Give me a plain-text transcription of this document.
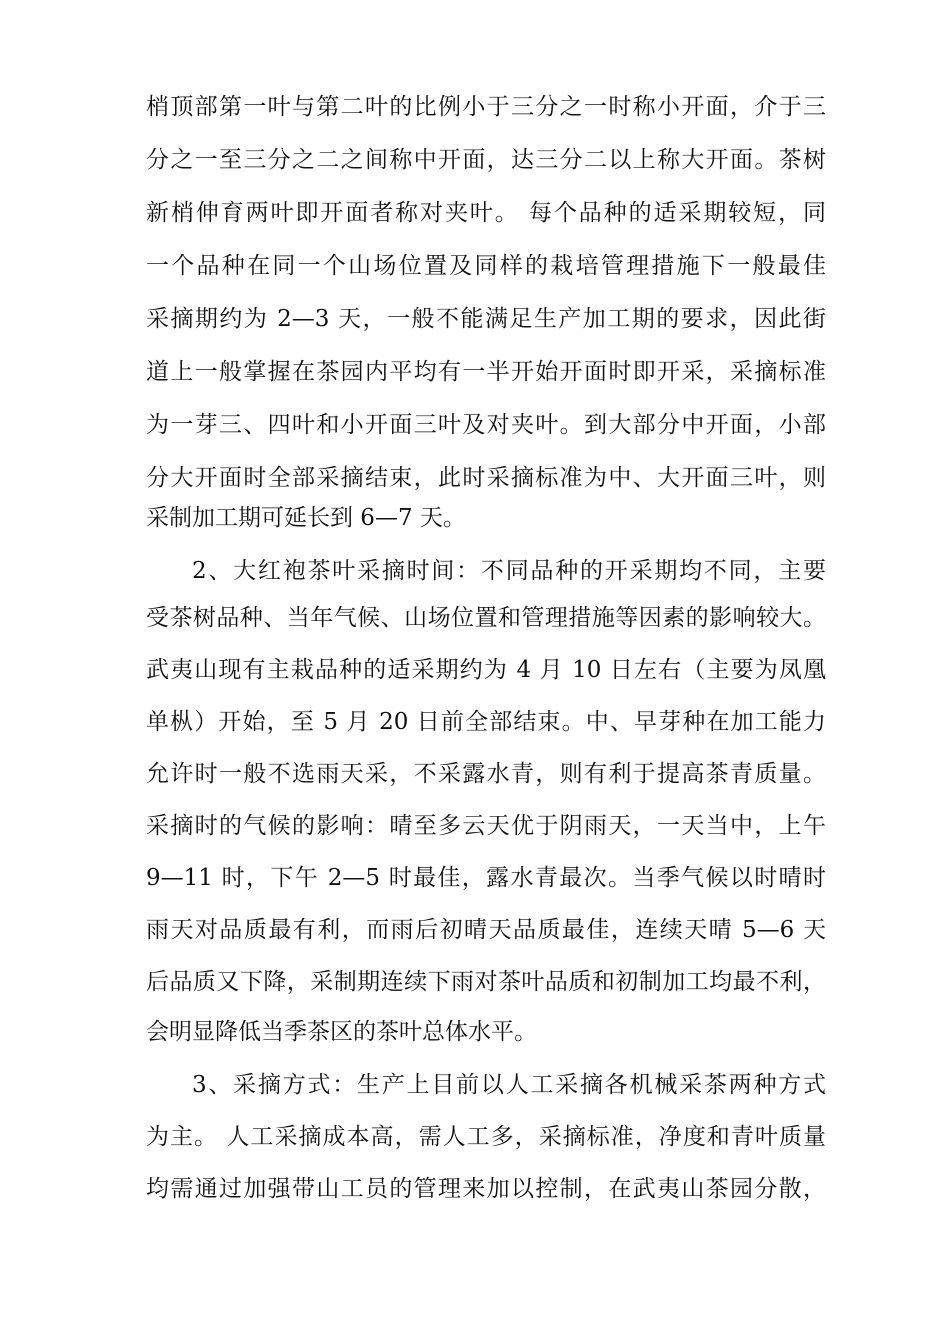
梢顶部第一叶与第二叶的比例小于三分之一时称小开面，介于三
分之一至三分之二之间称中开面，达三分二以上称大开面。茶树
新梢伸育两叶即开面者称对夹叶。 每个品种的适采期较短，同
一个品种在同一个山场位置及同样的栽培管理措施下一般最佳
采摘期约为 2—3 天，一般不能满足生产加工期的要求，因此街
道上一般掌握在茶园内平均有一半开始开面时即开采，采摘标准
为一芽三、四叶和小开面三叶及对夹叶。到大部分中开面，小部
分大开面时全部采摘结束，此时采摘标准为中、大开面三叶，则
采制加工期可延长到 6—7 天。
2、大红袍茶叶采摘时间：不同品种的开采期均不同，主要
受茶树品种、当年气候、山场位置和管理措施等因素的影响较大。
武夷山现有主栽品种的适采期约为 4 月 10 日左右（主要为凤凰
单枞）开始，至 5 月 20 日前全部结束。中、早芽种在加工能力
允许时一般不选雨天采，不采露水青，则有利于提高茶青质量。
采摘时的气候的影响：晴至多云天优于阴雨天，一天当中，上午
9—11 时，下午 2—5 时最佳，露水青最次。当季气候以时晴时
雨天对品质最有利，而雨后初晴天品质最佳，连续天晴 5—6 天
后品质又下降，采制期连续下雨对茶叶品质和初制加工均最不利，
会明显降低当季茶区的茶叶总体水平。
3、采摘方式：生产上目前以人工采摘各机械采茶两种方式
为主。 人工采摘成本高，需人工多，采摘标准，净度和青叶质量
均需通过加强带山工员的管理来加以控制，在武夷山茶园分散，
